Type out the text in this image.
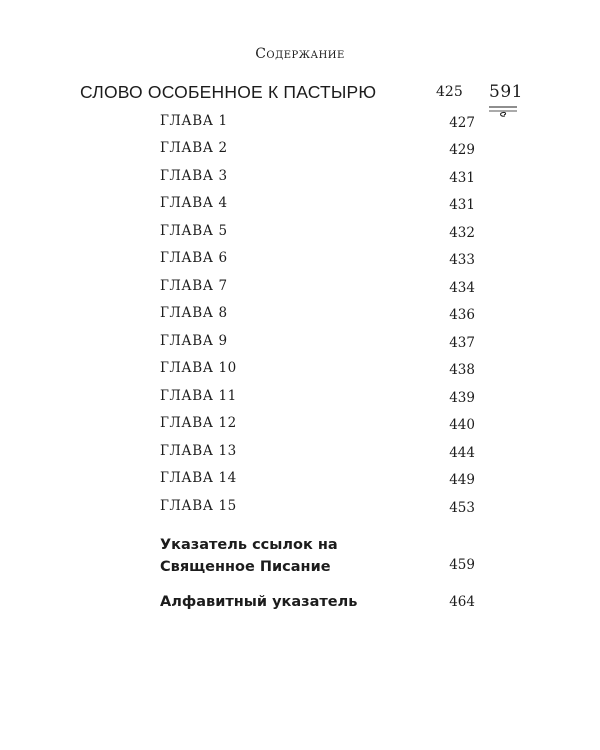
Содержание
591
СЛОВО ОСОБЕННОЕ К ПАСТЫРЮ	425
ГЛАВА 1	427
ГЛАВА 2	429
ГЛАВА 3	431
ГЛАВА 4	431
ГЛАВА 5	432
ГЛАВА 6	433
ГЛАВА 7	434
ГЛАВА 8	436
ГЛАВА 9	437
ГЛАВА 10	438
ГЛАВА 11	439
ГЛАВА 12	440
ГЛАВА 13	444
ГЛАВА 14	449
ГЛАВА 15	453
Указатель ссылок на Священное Писание	459
Алфавитный указатель	464
